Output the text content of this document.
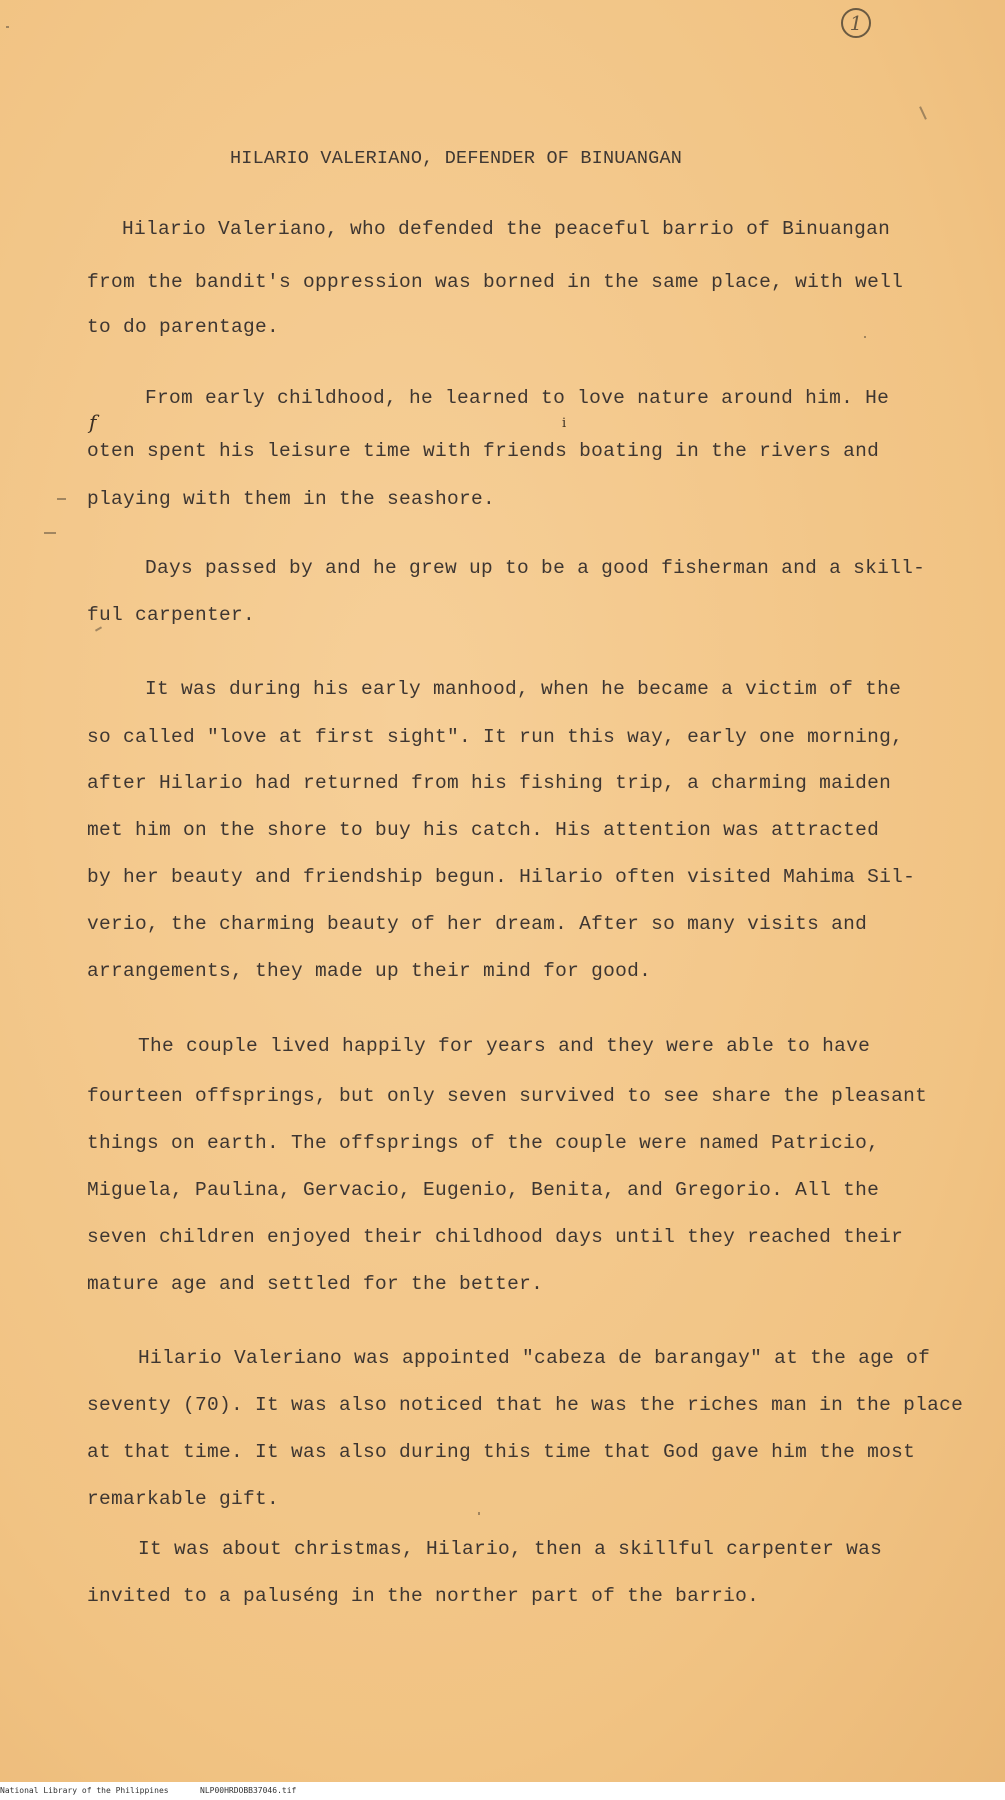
1
HILARIO VALERIANO, DEFENDER OF BINUANGAN
Hilario Valeriano, who defended the peaceful barrio of Binuangan
from the bandit's oppression was borned in the same place, with well
to do parentage.
From early childhood, he learned to love nature around him. He
f	i
oten spent his leisure time with friends boating in the rivers and
playing with them in the seashore.
Days passed by and he grew up to be a good fisherman and a skill-
ful carpenter.
It was during his early manhood, when he became a victim of the
so called "love at first sight". It run this way, early one morning,
after Hilario had returned from his fishing trip, a charming maiden
met him on the shore to buy his catch. His attention was attracted
by her beauty and friendship begun. Hilario often visited Mahima Sil-
verio, the charming beauty of her dream. After so many visits and
arrangements, they made up their mind for good.
The couple lived happily for years and they were able to have
fourteen offsprings, but only seven survived to see share the pleasant
things on earth. The offsprings of the couple were named Patricio,
Miguela, Paulina, Gervacio, Eugenio, Benita, and Gregorio. All the
seven children enjoyed their childhood days until they reached their
mature age and settled for the better.
Hilario Valeriano was appointed "cabeza de barangay" at the age of
seventy (70). It was also noticed that he was the riches man in the place
at that time. It was also during this time that God gave him the most
remarkable gift.
It was about christmas, Hilario, then a skillful carpenter was
invited to a paluséng in the norther part of the barrio.
National Library of the Philippines	NLP00HRDOBB37046.tif
